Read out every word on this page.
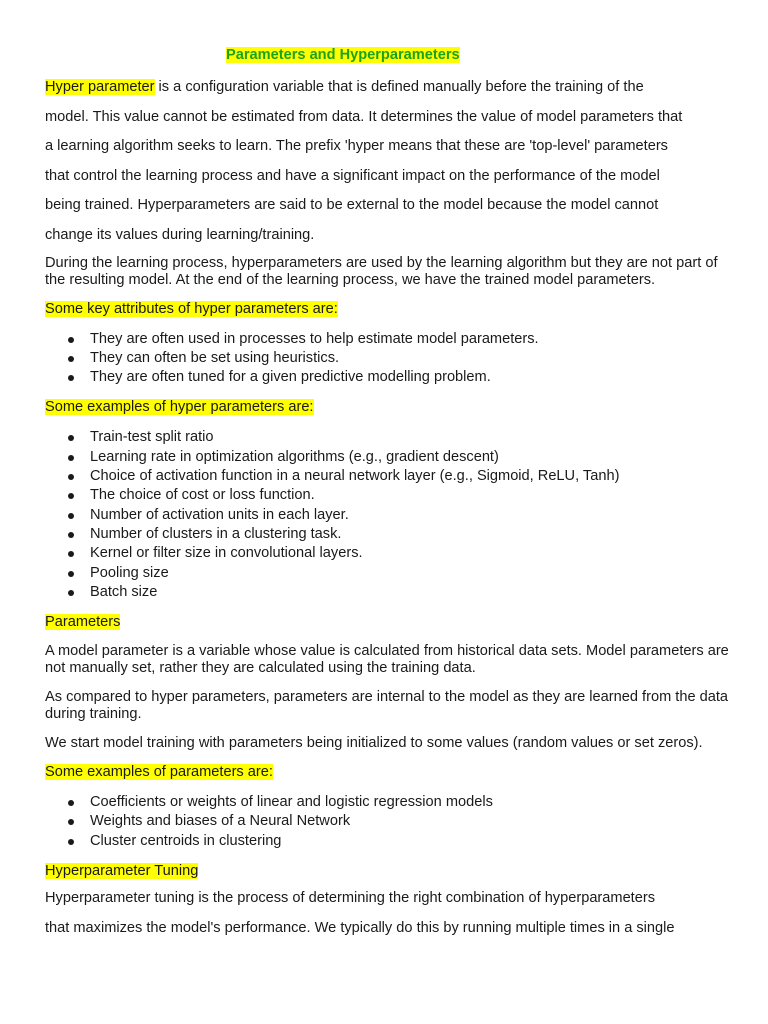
Parameters and Hyperparameters
Hyper parameter is a configuration variable that is defined manually before the training of the
model. This value cannot be estimated from data. It determines the value of model parameters that
a learning algorithm seeks to learn. The prefix 'hyper means that these are 'top-level' parameters
that control the learning process and have a significant impact on the performance of the model
being trained. Hyperparameters are said to be external to the model because the model cannot
change its values during learning/training.

During the learning process, hyperparameters are used by the learning algorithm but they are not part of the resulting model. At the end of the learning process, we have the trained model parameters.

Some key attributes of hyper parameters are:

They are often used in processes to help estimate model parameters.
They can often be set using heuristics.
They are often tuned for a given predictive modelling problem.

Some examples of hyper parameters are:

Train-test split ratio
Learning rate in optimization algorithms (e.g., gradient descent)
Choice of activation function in a neural network layer (e.g., Sigmoid, ReLU, Tanh)
The choice of cost or loss function.
Number of activation units in each layer.
Number of clusters in a clustering task.
Kernel or filter size in convolutional layers.
Pooling size
Batch size

Parameters

A model parameter is a variable whose value is calculated from historical data sets. Model parameters are not manually set, rather they are calculated using the training data.

As compared to hyper parameters, parameters are internal to the model as they are learned from the data during training.

We start model training with parameters being initialized to some values (random values or set zeros).

Some examples of parameters are:

Coefficients or weights of linear and logistic regression models
Weights and biases of a Neural Network
Cluster centroids in clustering

Hyperparameter Tuning

Hyperparameter tuning is the process of determining the right combination of hyperparameters
that maximizes the model's performance. We typically do this by running multiple times in a single
